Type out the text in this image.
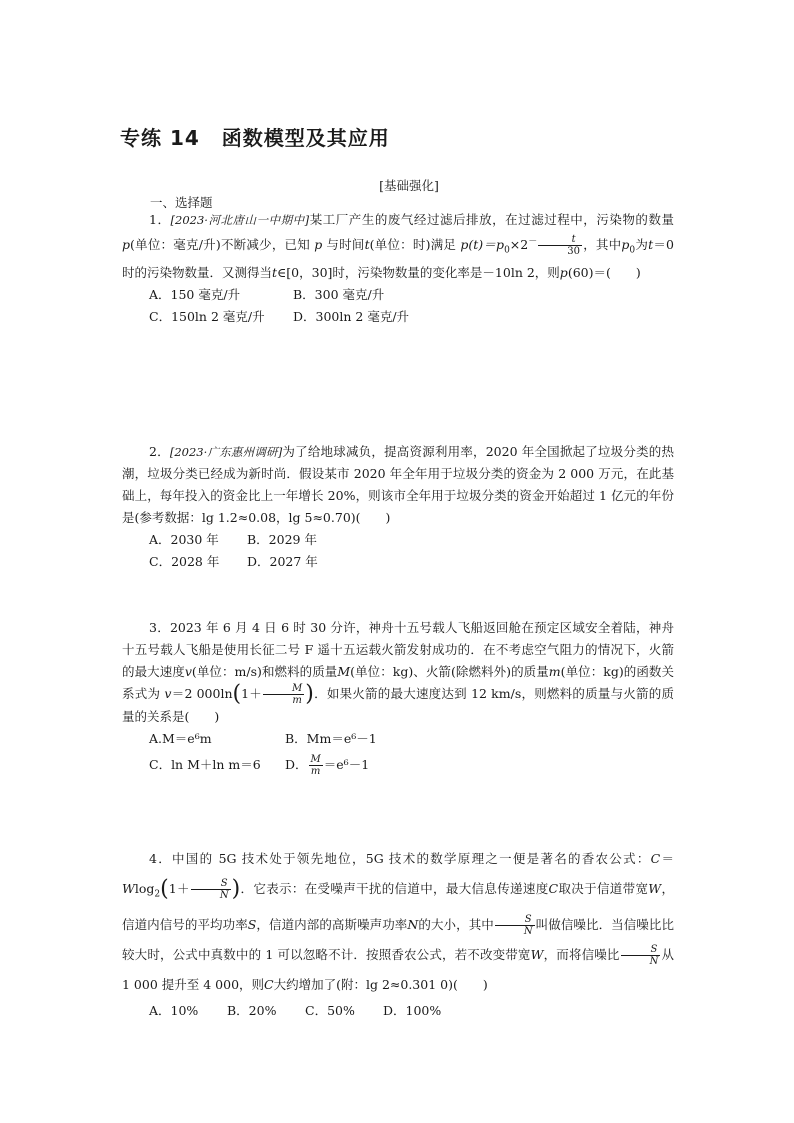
专练 14 函数模型及其应用
[基础强化]
一、选择题

1．[2023·河北唐山一中期中]某工厂产生的废气经过滤后排放，在过滤过程中，污染物的数量p(单位：毫克/升)不断减少，已知 p 与时间t(单位：时)满足 $p(t)=p_0\times 2^- \frac{t}{30}$ ，其中$p_0$为t＝0 时的污染物数量．又测得当t∈[0，30]时，污染物数量的变化率是－10ln 2，则p(60)＝(　　)

A．150 毫克/升	B．300 毫克/升
C．150ln 2 毫克/升	D．300ln 2 毫克/升

2．[2023·广东惠州调研]为了给地球减负，提高资源利用率，2020 年全国掀起了垃圾分类的热潮，垃圾分类已经成为新时尚．假设某市 2020 年全年用于垃圾分类的资金为 2 000 万元，在此基础上，每年投入的资金比上一年增长 20%，则该市全年用于垃圾分类的资金开始超过 1 亿元的年份是(参考数据：lg 1.2≈0.08，lg 5≈0.70)(　　)

A．2030 年	B．2029 年
C．2028 年	D．2027 年

3．2023 年 6 月 4 日 6 时 30 分许，神舟十五号载人飞船返回舱在预定区域安全着陆，神舟十五号载人飞船是使用长征二号 F 遥十五运载火箭发射成功的．在不考虑空气阻力的情况下，火箭的最大速度v(单位：m/s)和燃料的质量M(单位：kg)、火箭(除燃料外)的质量m(单位：kg)的函数关系式为 v＝2 $000\ln(1+ \frac{M}{m}$ )．如果火箭的最大速度达到 12 km/s，则燃料的质量与火箭的质量的关系是(　　)

A.M＝e⁶m	B．Mm＝e⁶－1
C．ln M＋ln m＝6	D． $\frac{M}{m} =e^6-1$

4．中国的 5G 技术处于领先地位，5G 技术的数学原理之一便是著名的香农公式：$C=Wlog_2(1+ \frac{S}{N}$ )．它表示：在受噪声干扰的信道中，最大信息传递速度C取决于信道带宽W，信道内信号的平均功率S，信道内部的高斯噪声功率N的大小，其中 $\frac{S}{N}$ 叫做信噪比．当信噪比比较大时，公式中真数中的 1 可以忽略不计．按照香农公式，若不改变带宽W，而将信噪比 $\frac{S}{N}$ 从 1 000 提升至 4 000，则C大约增加了(附：lg 2≈0.301 0)(　　)

A．10%	B．20%	C．50%	D．100%
